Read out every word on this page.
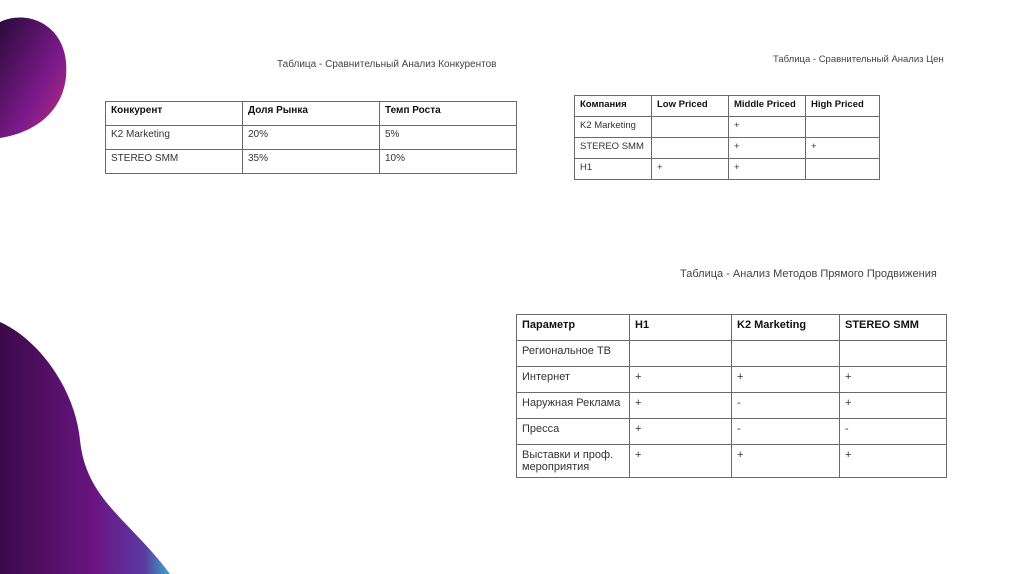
Таблица - Сравнительный Анализ Конкурентов
Конкурент	Доля Рынка	Темп Роста
K2 Marketing	20%	5%
STEREO SMM	35%	10%
Таблица - Сравнительный Анализ Цен
Компания	Low Priced	Middle Priced	High Priced
K2 Marketing		+	
STEREO SMM		+	+
H1	+	+	
Таблица - Анализ Методов Прямого Продвижения
Параметр	H1	K2 Marketing	STEREO SMM
Региональное ТВ			
Интернет	+	+	+
Наружная Реклама	+	-	+
Пресса	+	-	-
Выставки и проф. мероприятия	+	+	+
